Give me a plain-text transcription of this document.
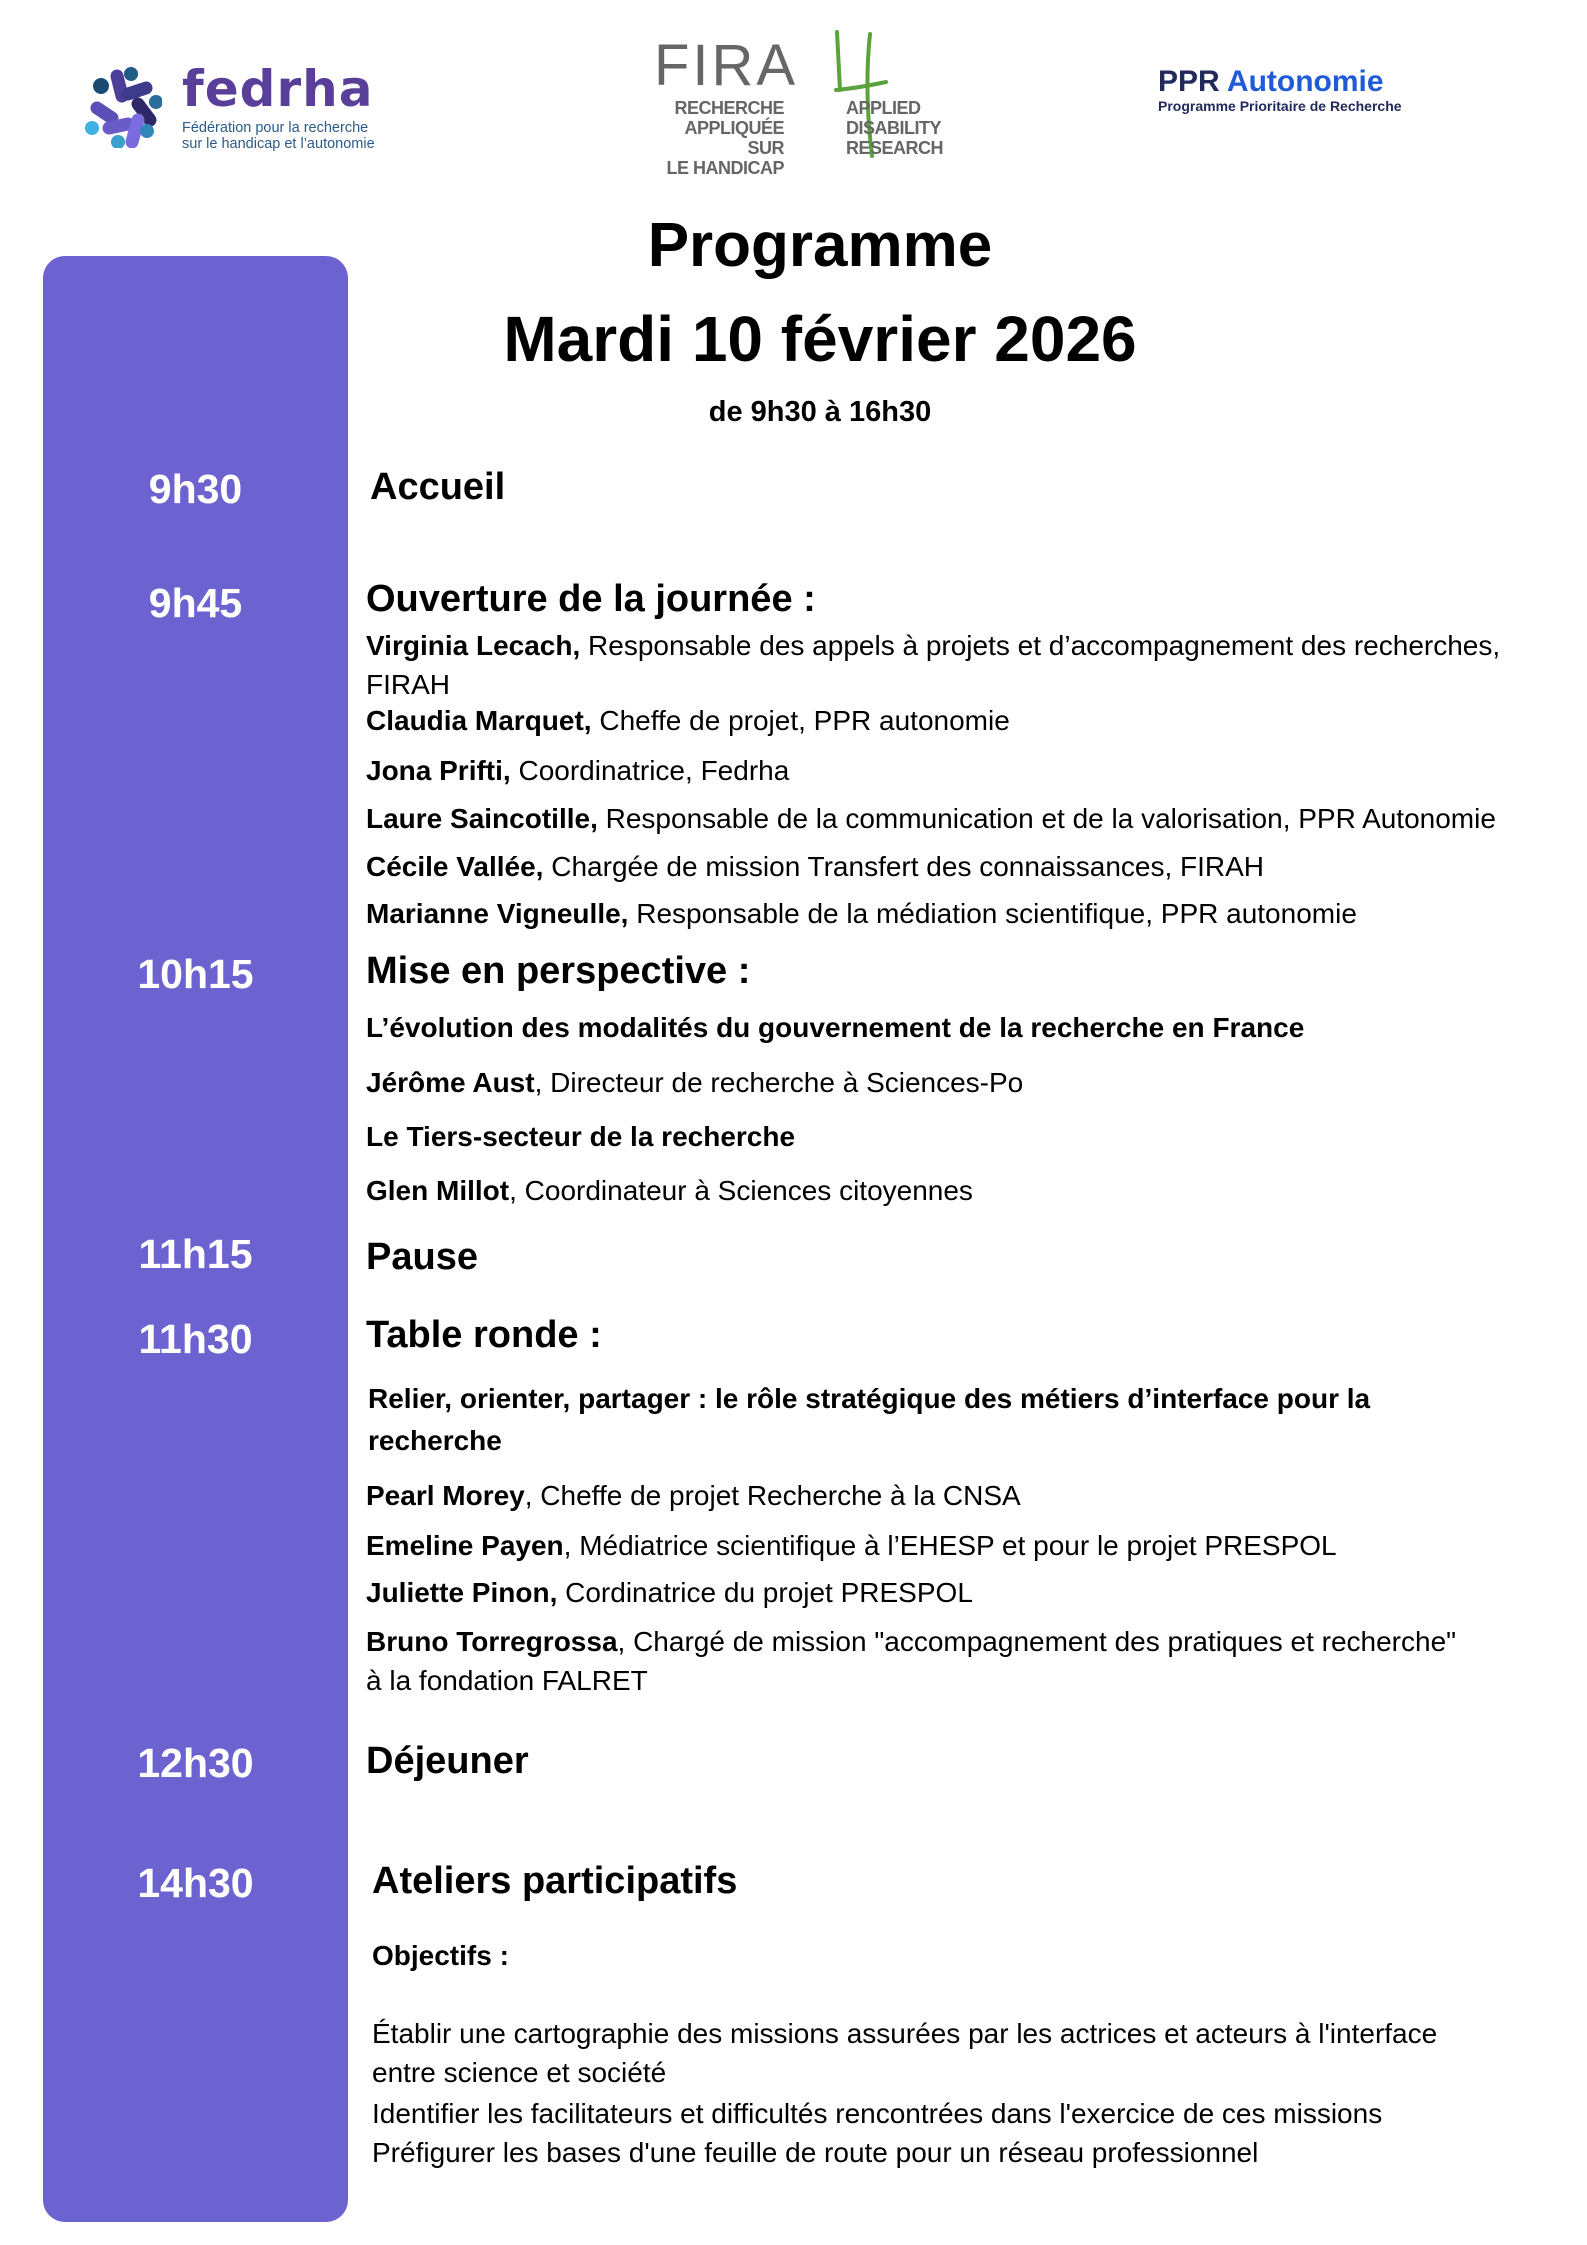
fedrha
Fédération pour la recherche
sur le handicap et l’autonomie
FIRA
RECHERCHE
APPLIQUÉE SUR
LE HANDICAP
APPLIED
DISABILITY
RESEARCH
PPR Autonomie
Programme Prioritaire de Recherche
Programme
Mardi 10 février 2026
de 9h30 à 16h30
9h30
9h45
10h15
11h15
11h30
12h30
14h30
Accueil
Ouverture de la journée :
Virginia Lecach, Responsable des appels à projets et d’accompagnement des recherches,
FIRAH
Claudia Marquet, Cheffe de projet, PPR autonomie
Jona Prifti, Coordinatrice, Fedrha
Laure Saincotille, Responsable de la communication et de la valorisation, PPR Autonomie
Cécile Vallée, Chargée de mission Transfert des connaissances, FIRAH
Marianne Vigneulle, Responsable de la médiation scientifique, PPR autonomie
Mise en perspective :
L’évolution des modalités du gouvernement de la recherche en France
Jérôme Aust, Directeur de recherche à Sciences-Po
Le Tiers-secteur de la recherche
Glen Millot, Coordinateur à Sciences citoyennes
Pause
Table ronde :
Relier, orienter, partager : le rôle stratégique des métiers d’interface pour la
recherche
Pearl Morey, Cheffe de projet Recherche à la CNSA
Emeline Payen, Médiatrice scientifique à l’EHESP et pour le projet PRESPOL
Juliette Pinon, Cordinatrice du projet PRESPOL
Bruno Torregrossa, Chargé de mission "accompagnement des pratiques et recherche"
à la fondation FALRET
Déjeuner
Ateliers participatifs
Objectifs :
Établir une cartographie des missions assurées par les actrices et acteurs à l'interface
entre science et société
Identifier les facilitateurs et difficultés rencontrées dans l'exercice de ces missions
Préfigurer les bases d'une feuille de route pour un réseau professionnel
